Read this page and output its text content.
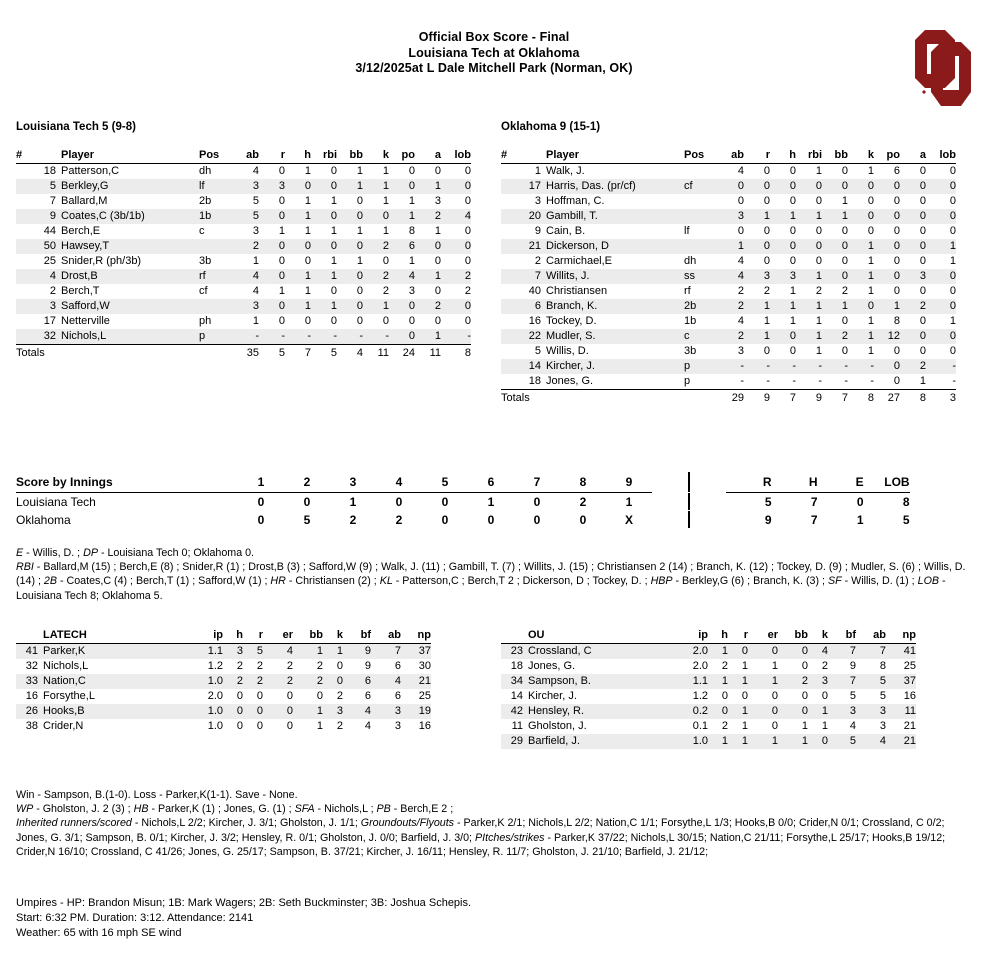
Official Box Score - Final
Louisiana Tech at Oklahoma
3/12/2025at L Dale Mitchell Park (Norman, OK)
Louisiana Tech 5 (9-8)	Oklahoma 9 (15-1)
#	Player	Pos	ab	r	h	rbi	bb	k	po	a	lob
18	Patterson,C	dh	4	0	1	0	1	1	0	0	0
5	Berkley,G	lf	3	3	0	0	1	1	0	1	0
7	Ballard,M	2b	5	0	1	1	0	1	1	3	0
9	Coates,C (3b/1b)	1b	5	0	1	0	0	0	1	2	4
44	Berch,E	c	3	1	1	1	1	1	8	1	0
50	Hawsey,T		2	0	0	0	0	2	6	0	0
25	Snider,R (ph/3b)	3b	1	0	0	1	1	0	1	0	0
4	Drost,B	rf	4	0	1	1	0	2	4	1	2
2	Berch,T	cf	4	1	1	0	0	2	3	0	2
3	Safford,W		3	0	1	1	0	1	0	2	0
17	Netterville	ph	1	0	0	0	0	0	0	0	0
32	Nichols,L	p	-	-	-	-	-	-	0	1	-
Totals			35	5	7	5	4	11	24	11	8
#	Player	Pos	ab	r	h	rbi	bb	k	po	a	lob
1	Walk, J.		4	0	0	1	0	1	6	0	0
17	Harris, Das. (pr/cf)	cf	0	0	0	0	0	0	0	0	0
3	Hoffman, C.		0	0	0	0	1	0	0	0	0
20	Gambill, T.		3	1	1	1	1	0	0	0	0
9	Cain, B.	lf	0	0	0	0	0	0	0	0	0
21	Dickerson, D		1	0	0	0	0	1	0	0	1
2	Carmichael,E	dh	4	0	0	0	0	1	0	0	1
7	Willits, J.	ss	4	3	3	1	0	1	0	3	0
40	Christiansen	rf	2	2	1	2	2	1	0	0	0
6	Branch, K.	2b	2	1	1	1	1	0	1	2	0
16	Tockey, D.	1b	4	1	1	1	0	1	8	0	1
22	Mudler, S.	c	2	1	0	1	2	1	12	0	0
5	Willis, D.	3b	3	0	0	1	0	1	0	0	0
14	Kircher, J.	p	-	-	-	-	-	-	0	2	-
18	Jones, G.	p	-	-	-	-	-	-	0	1	-
Totals			29	9	7	9	7	8	27	8	3
Score by Innings	1	2	3	4	5	6	7	8	9				R	H	E	LOB
Louisiana Tech	0	0	1	0	0	1	0	2	1				5	7	0	8
Oklahoma	0	5	2	2	0	0	0	0	X				9	7	1	5
E - Willis, D. ; DP - Louisiana Tech 0; Oklahoma 0.
RBI - Ballard,M (15) ; Berch,E (8) ; Snider,R (1) ; Drost,B (3) ; Safford,W (9) ; Walk, J. (11) ; Gambill, T. (7) ; Willits, J. (15) ; Christiansen 2 (14) ; Branch, K. (12) ; Tockey, D. (9) ; Mudler, S. (6) ; Willis, D. (14) ; 2B - Coates,C (4) ; Berch,T (1) ; Safford,W (1) ; HR - Christiansen (2) ; KL - Patterson,C ; Berch,T 2 ; Dickerson, D ; Tockey, D. ; HBP - Berkley,G (6) ; Branch, K. (3) ; SF - Willis, D. (1) ; LOB - Louisiana Tech 8; Oklahoma 5.
	LATECH	ip	h	r	er	bb	k	bf	ab	np
41	Parker,K	1.1	3	5	4	1	1	9	7	37
32	Nichols,L	1.2	2	2	2	2	0	9	6	30
33	Nation,C	1.0	2	2	2	2	0	6	4	21
16	Forsythe,L	2.0	0	0	0	0	2	6	6	25
26	Hooks,B	1.0	0	0	0	1	3	4	3	19
38	Crider,N	1.0	0	0	0	1	2	4	3	16
	OU	ip	h	r	er	bb	k	bf	ab	np
23	Crossland, C	2.0	1	0	0	0	4	7	7	41
18	Jones, G.	2.0	2	1	1	0	2	9	8	25
34	Sampson, B.	1.1	1	1	1	2	3	7	5	37
14	Kircher, J.	1.2	0	0	0	0	0	5	5	16
42	Hensley, R.	0.2	0	1	0	0	1	3	3	11
11	Gholston, J.	0.1	2	1	0	1	1	4	3	21
29	Barfield, J.	1.0	1	1	1	1	0	5	4	21
Win - Sampson, B.(1-0). Loss - Parker,K(1-1). Save - None.
WP - Gholston, J. 2 (3) ; HB - Parker,K (1) ; Jones, G. (1) ; SFA - Nichols,L ; PB - Berch,E 2 ;
Inherited runners/scored - Nichols,L 2/2; Kircher, J. 3/1; Gholston, J. 1/1; Groundouts/Flyouts - Parker,K 2/1; Nichols,L 2/2; Nation,C 1/1; Forsythe,L 1/3; Hooks,B 0/0; Crider,N 0/1; Crossland, C 0/2; Jones, G. 3/1; Sampson, B. 0/1; Kircher, J. 3/2; Hensley, R. 0/1; Gholston, J. 0/0; Barfield, J. 3/0; PItches/strikes - Parker,K 37/22; Nichols,L 30/15; Nation,C 21/11; Forsythe,L 25/17; Hooks,B 19/12; Crider,N 16/10; Crossland, C 41/26; Jones, G. 25/17; Sampson, B. 37/21; Kircher, J. 16/11; Hensley, R. 11/7; Gholston, J. 21/10; Barfield, J. 21/12;
Umpires - HP: Brandon Misun; 1B: Mark Wagers; 2B: Seth Buckminster; 3B: Joshua Schepis.
Start: 6:32 PM. Duration: 3:12. Attendance: 2141
Weather: 65 with 16 mph SE wind
